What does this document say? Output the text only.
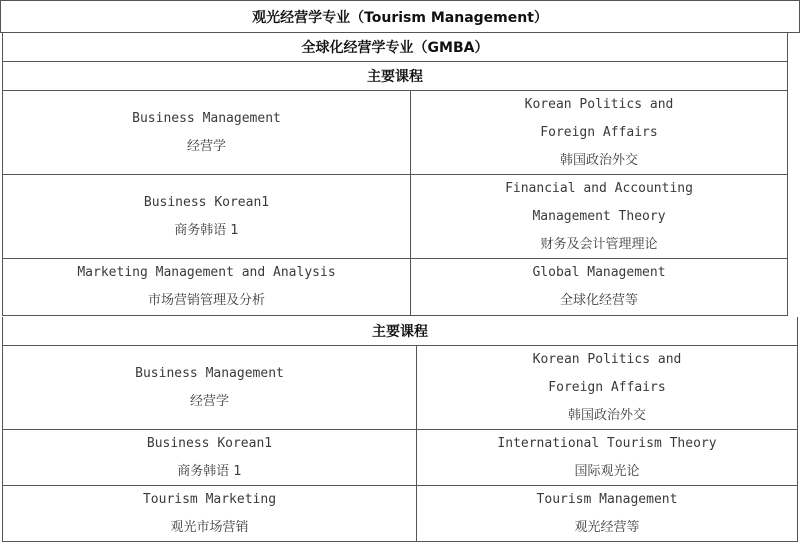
观光经营学专业（Tourism Management）
全球化经营学专业（GMBA）
主要课程
Business Management
经营学
Korean Politics and
Foreign Affairs
韩国政治外交
Business Korean1
商务韩语 1
Financial and Accounting
Management Theory
财务及会计管理理论
Marketing Management and Analysis
市场营销管理及分析
Global Management
全球化经营等
主要课程
Business Management
经营学
Korean Politics and
Foreign Affairs
韩国政治外交
Business Korean1
商务韩语 1
International Tourism Theory
国际观光论
Tourism Marketing
观光市场营销
Tourism Management
观光经营等
